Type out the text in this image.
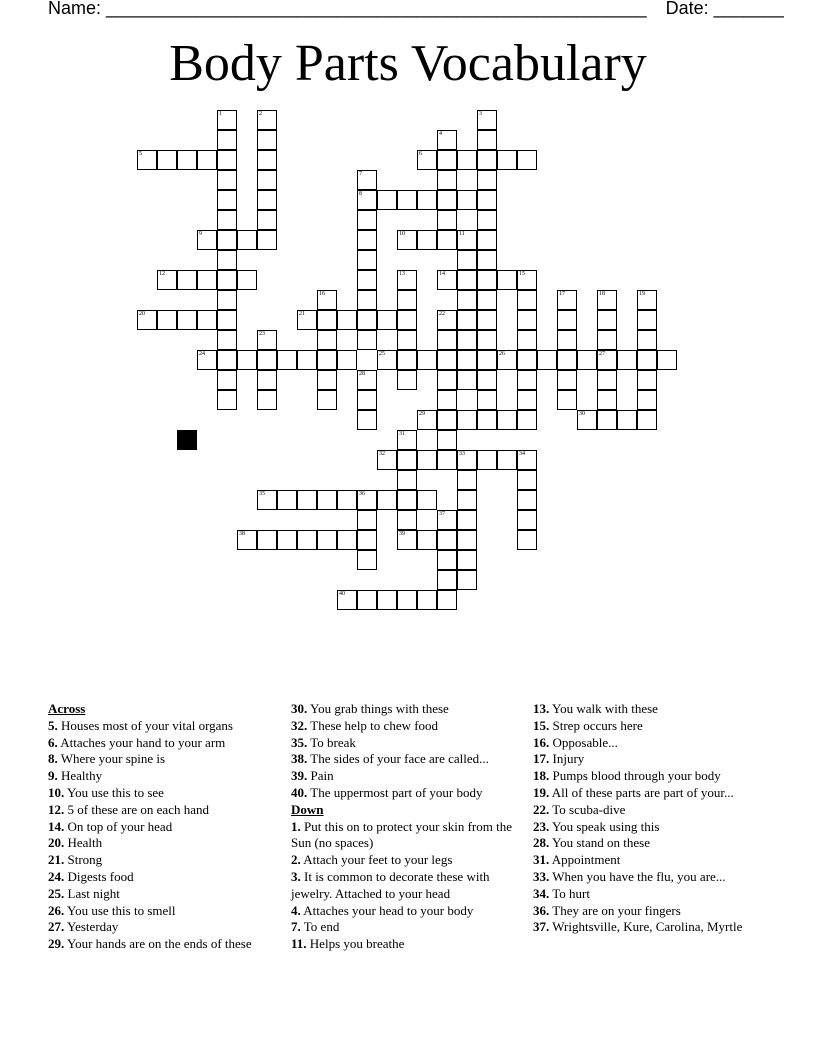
Name: ______________________________________________________ Date: _______
Body Parts Vocabulary
1	2	3
4
5	6
7
8
9	10	11
12	13	14	15
16	17	18
27
19
20	21	22
23
24	25	26
28
29	30
31
32	33	34
35	36
37
38	39
40
Across
5. Houses most of your vital organs
6. Attaches your hand to your arm
8. Where your spine is
9. Healthy
10. You use this to see
12. 5 of these are on each hand
14. On top of your head
20. Health
21. Strong
24. Digests food
25. Last night
26. You use this to smell
27. Yesterday
29. Your hands are on the ends of these
30. You grab things with these
32. These help to chew food
35. To break
38. The sides of your face are called...
39. Pain
40. The uppermost part of your body
Down
1. Put this on to protect your skin from the Sun (no spaces)
2. Attach your feet to your legs
3. It is common to decorate these with jewelry. Attached to your head
4. Attaches your head to your body
7. To end
11. Helps you breathe
13. You walk with these
15. Strep occurs here
16. Opposable...
17. Injury
18. Pumps blood through your body
19. All of these parts are part of your...
22. To scuba-dive
23. You speak using this
28. You stand on these
31. Appointment
33. When you have the flu, you are...
34. To hurt
36. They are on your fingers
37. Wrightsville, Kure, Carolina, Myrtle
